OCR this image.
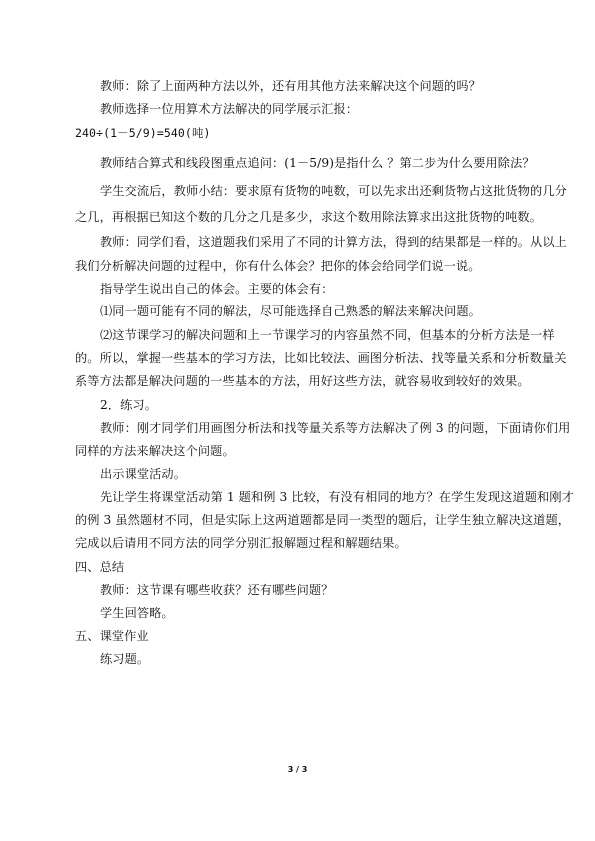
教师：除了上面两种方法以外，还有用其他方法来解决这个问题的吗？
教师选择一位用算术方法解决的同学展示汇报：
240÷(1－5/9)=540(吨)
教师结合算式和线段图重点追问：(1－5/9)是指什么 ？第二步为什么要用除法？
学生交流后，教师小结：要求原有货物的吨数，可以先求出还剩货物占这批货物的几分
之几，再根据已知这个数的几分之几是多少，求这个数用除法算求出这批货物的吨数。
教师：同学们看，这道题我们采用了不同的计算方法，得到的结果都是一样的。从以上
我们分析解决问题的过程中，你有什么体会？把你的体会给同学们说一说。
指导学生说出自己的体会。主要的体会有：
⑴同一题可能有不同的解法，尽可能选择自己熟悉的解法来解决问题。
⑵这节课学习的解决问题和上一节课学习的内容虽然不同，但基本的分析方法是一样
的。所以，掌握一些基本的学习方法，比如比较法、画图分析法、找等量关系和分析数量关
系等方法都是解决问题的一些基本的方法，用好这些方法，就容易收到较好的效果。
2．练习。
教师：刚才同学们用画图分析法和找等量关系等方法解决了例 3 的问题，下面请你们用
同样的方法来解决这个问题。
出示课堂活动。
先让学生将课堂活动第 1 题和例 3 比较，有没有相同的地方？在学生发现这道题和刚才
的例 3 虽然题材不同，但是实际上这两道题都是同一类型的题后，让学生独立解决这道题，
完成以后请用不同方法的同学分别汇报解题过程和解题结果。
四、总结
教师：这节课有哪些收获？还有哪些问题？
学生回答略。
五、课堂作业
练习题。
3 / 3
